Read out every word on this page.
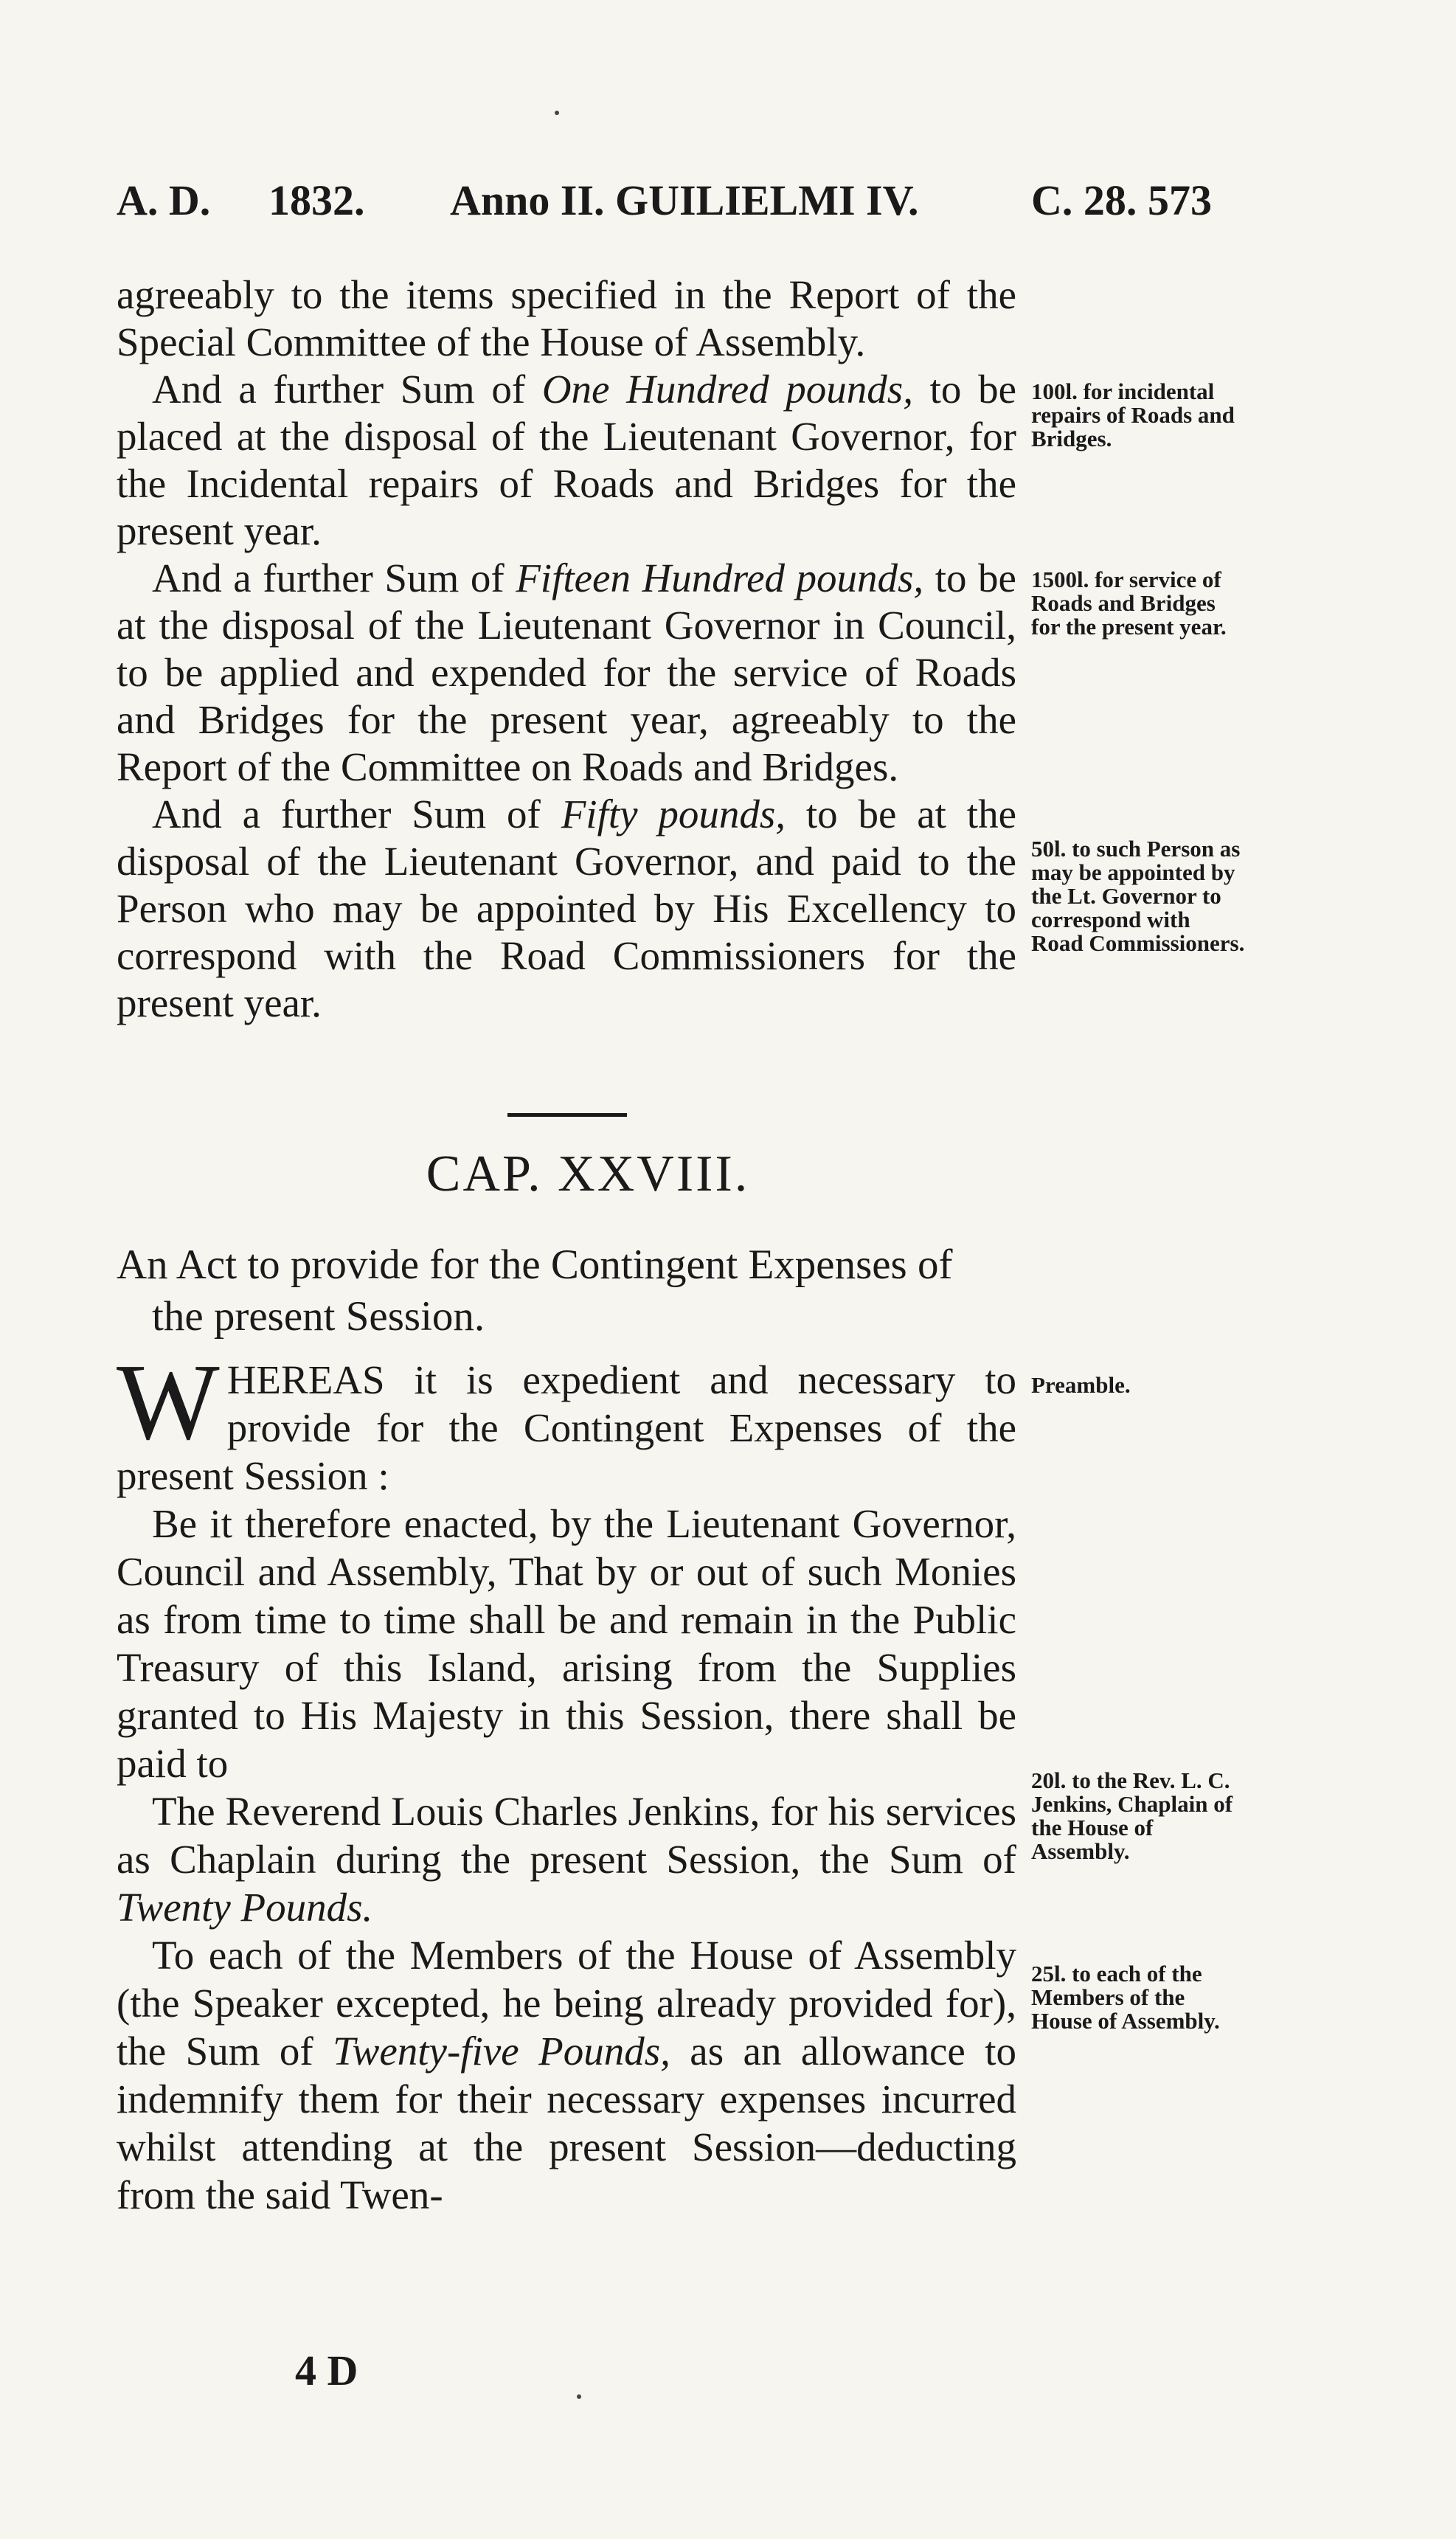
A. D. 1832. Anno II. GUILIELMI IV.	C. 28. 573

agreeably to the items specified in the Report of the Special Committee of the House of Assembly.

And a further Sum of One Hundred pounds, to be placed at the disposal of the Lieutenant Governor, for the Incidental repairs of Roads and Bridges for the present year.

And a further Sum of Fifteen Hundred pounds, to be at the disposal of the Lieutenant Governor in Council, to be applied and expended for the service of Roads and Bridges for the present year, agreeably to the Report of the Committee on Roads and Bridges.

And a further Sum of Fifty pounds, to be at the disposal of the Lieutenant Governor, and paid to the Person who may be appointed by His Excellency to correspond with the Road Commissioners for the present year.

100l. for incidental repairs of Roads and Bridges.
1500l. for service of Roads and Bridges for the present year.
50l. to such Person as may be appointed by the Lt. Governor to correspond with Road Commissioners.
Preamble.
20l. to the Rev. L. C. Jenkins, Chaplain of the House of Assembly.
25l. to each of the Members of the House of Assembly.
CAP. XXVIII.
An Act to provide for the Contingent Expenses of
the present Session.

WHEREAS it is expedient and necessary to provide for the Contingent Expenses of the present Session :

Be it therefore enacted, by the Lieutenant Governor, Council and Assembly, That by or out of such Monies as from time to time shall be and remain in the Public Treasury of this Island, arising from the Supplies granted to His Majesty in this Session, there shall be paid to

The Reverend Louis Charles Jenkins, for his services as Chaplain during the present Session, the Sum of Twenty Pounds.

To each of the Members of the House of Assembly (the Speaker excepted, he being already provided for), the Sum of Twenty-five Pounds, as an allowance to indemnify them for their necessary expenses incurred whilst attending at the present Session—deducting from the said Twen-

4 D
